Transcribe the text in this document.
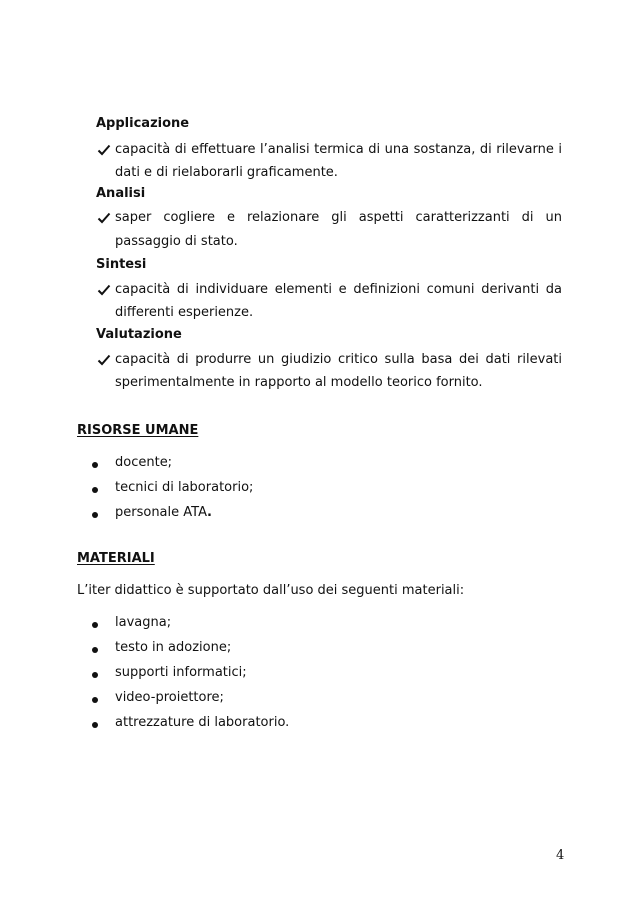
Applicazione
capacità di effettuare l’analisi termica di una sostanza, di rilevarne i
dati e di rielaborarli graficamente.
Analisi
saper cogliere e relazionare gli aspetti caratterizzanti di un
passaggio di stato.
Sintesi
capacità di individuare elementi e definizioni comuni derivanti da
differenti esperienze.
Valutazione
capacità di produrre un giudizio critico sulla basa dei dati rilevati
sperimentalmente in rapporto al modello teorico fornito.
RISORSE UMANE
docente;
tecnici di laboratorio;
personale ATA.
MATERIALI
L’iter didattico è supportato dall’uso dei seguenti materiali:
lavagna;
testo in adozione;
supporti informatici;
video-proiettore;
attrezzature di laboratorio.
4
